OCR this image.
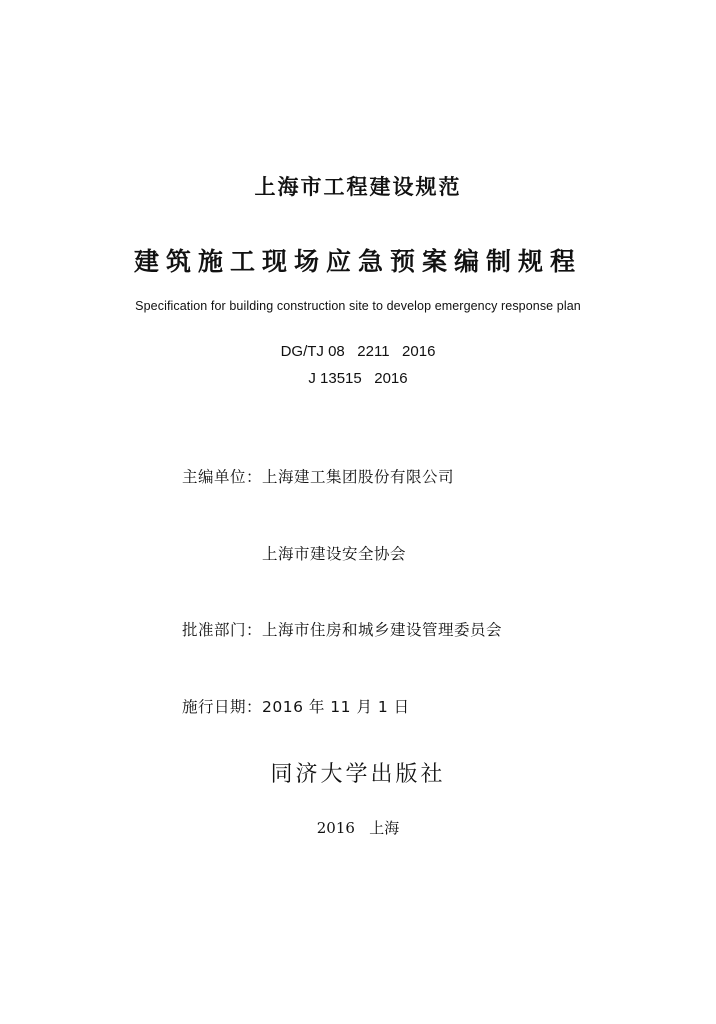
上海市工程建设规范
建筑施工现场应急预案编制规程
Specification for building construction site to develop emergency response plan
DG/TJ 08   2211   2016
J 13515   2016

主编单位： 上海建工集团股份有限公司

上海市建设安全协会

批准部门： 上海市住房和城乡建设管理委员会

施行日期： 2016 年 11 月 1 日

同济大学出版社
2016   上海
